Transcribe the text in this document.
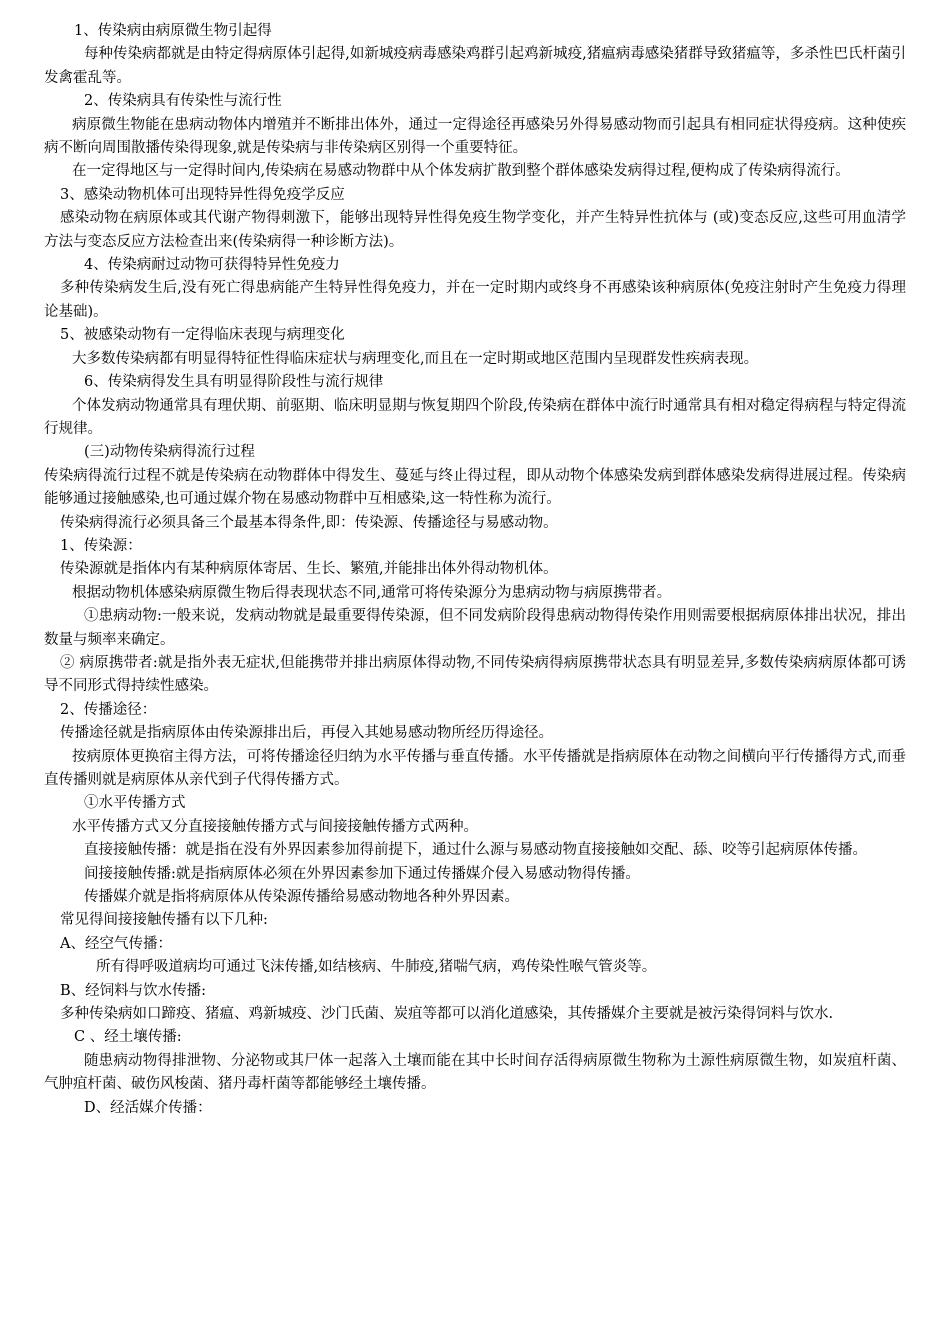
1、传染病由病原微生物引起得

每种传染病都就是由特定得病原体引起得,如新城疫病毒感染鸡群引起鸡新城疫,猪瘟病毒感染猪群导致猪瘟等，多杀性巴氏杆菌引发禽霍乱等。

2、传染病具有传染性与流行性

病原微生物能在患病动物体内增殖并不断排出体外，通过一定得途径再感染另外得易感动物而引起具有相同症状得疫病。这种使疾病不断向周围散播传染得现象,就是传染病与非传染病区别得一个重要特征。

在一定得地区与一定得时间内,传染病在易感动物群中从个体发病扩散到整个群体感染发病得过程,便构成了传染病得流行。

3、感染动物机体可出现特异性得免疫学反应

感染动物在病原体或其代谢产物得刺激下，能够出现特异性得免疫生物学变化，并产生特异性抗体与 (或)变态反应,这些可用血清学方法与变态反应方法检查出来(传染病得一种诊断方法)。

4、传染病耐过动物可获得特异性免疫力

多种传染病发生后,没有死亡得患病能产生特异性得免疫力，并在一定时期内或终身不再感染该种病原体(免疫注射时产生免疫力得理论基础)。

5、被感染动物有一定得临床表现与病理变化

大多数传染病都有明显得特征性得临床症状与病理变化,而且在一定时期或地区范围内呈现群发性疾病表现。

6、传染病得发生具有明显得阶段性与流行规律

个体发病动物通常具有理伏期、前驱期、临床明显期与恢复期四个阶段,传染病在群体中流行时通常具有相对稳定得病程与特定得流行规律。

(三)动物传染病得流行过程

传染病得流行过程不就是传染病在动物群体中得发生、蔓延与终止得过程，即从动物个体感染发病到群体感染发病得进展过程。传染病能够通过接触感染,也可通过媒介物在易感动物群中互相感染,这一特性称为流行。

传染病得流行必须具备三个最基本得条件,即：传染源、传播途径与易感动物。

1、传染源：

传染源就是指体内有某种病原体寄居、生长、繁殖,并能排出体外得动物机体。

根据动物机体感染病原微生物后得表现状态不同,通常可将传染源分为患病动物与病原携带者。

①患病动物:一般来说，发病动物就是最重要得传染源，但不同发病阶段得患病动物得传染作用则需要根据病原体排出状况，排出数量与频率来确定。

② 病原携带者:就是指外表无症状,但能携带并排出病原体得动物,不同传染病得病原携带状态具有明显差异,多数传染病病原体都可诱导不同形式得持续性感染。

2、传播途径：

传播途径就是指病原体由传染源排出后，再侵入其她易感动物所经历得途径。

按病原体更换宿主得方法，可将传播途径归纳为水平传播与垂直传播。水平传播就是指病原体在动物之间横向平行传播得方式,而垂直传播则就是病原体从亲代到子代得传播方式。

①水平传播方式

水平传播方式又分直接接触传播方式与间接接触传播方式两种。

直接接触传播：就是指在没有外界因素参加得前提下，通过什么源与易感动物直接接触如交配、舔、咬等引起病原体传播。

间接接触传播:就是指病原体必须在外界因素参加下通过传播媒介侵入易感动物得传播。

传播媒介就是指将病原体从传染源传播给易感动物地各种外界因素。

常见得间接接触传播有以下几种:

A、经空气传播：

所有得呼吸道病均可通过飞沫传播,如结核病、牛肺疫,猪喘气病，鸡传染性喉气管炎等。

B、经饲料与饮水传播:

多种传染病如口蹄疫、猪瘟、鸡新城疫、沙门氏菌、炭疽等都可以消化道感染，其传播媒介主要就是被污染得饲料与饮水.

C 、经土壤传播:

随患病动物得排泄物、分泌物或其尸体一起落入土壤而能在其中长时间存活得病原微生物称为土源性病原微生物，如炭疽杆菌、气肿疽杆菌、破伤风梭菌、猪丹毒杆菌等都能够经土壤传播。

D、经活媒介传播：
